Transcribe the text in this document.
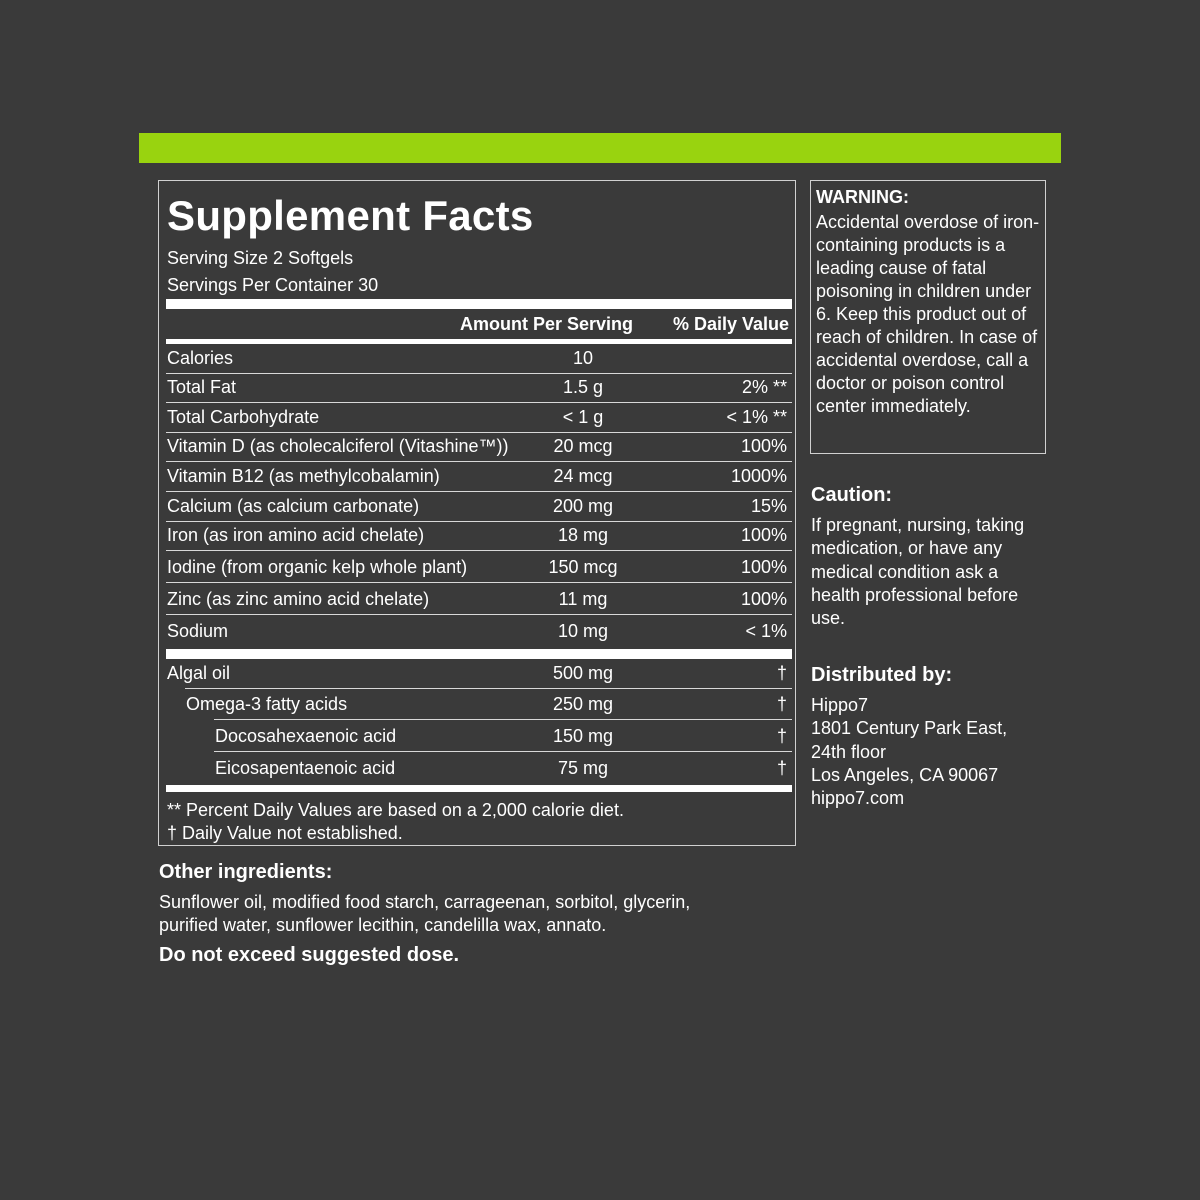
Supplement Facts
Serving Size 2 Softgels
Servings Per Container 30
Amount Per Serving % Daily Value
Calories	10
Total Fat	1.5 g	2% **
Total Carbohydrate	< 1 g	< 1% **
Vitamin D (as cholecalciferol (Vitashine™))	20 mcg	100%
Vitamin B12 (as methylcobalamin)	24 mcg	1000%
Calcium (as calcium carbonate)	200 mg	15%
Iron (as iron amino acid chelate)	18 mg	100%
Iodine (from organic kelp whole plant)	150 mcg	100%
Zinc (as zinc amino acid chelate)	11 mg	100%
Sodium	10 mg	< 1%
Algal oil	500 mg	†
Omega-3 fatty acids	250 mg	†
Docosahexaenoic acid	150 mg	†
Eicosapentaenoic acid	75 mg	†
** Percent Daily Values are based on a 2,000 calorie diet.
† Daily Value not established.
WARNING:
Accidental overdose of iron-containing products is a leading cause of fatal poisoning in children under 6. Keep this product out of reach of children. In case of accidental overdose, call a doctor or poison control center immediately.
Caution:
If pregnant, nursing, taking medication, or have any medical condition ask a health professional before use.
Distributed by:
Hippo7
1801 Century Park East,
24th floor
Los Angeles, CA 90067
hippo7.com
Other ingredients:
Sunflower oil, modified food starch, carrageenan, sorbitol, glycerin, purified water, sunflower lecithin, candelilla wax, annato.
Do not exceed suggested dose.
